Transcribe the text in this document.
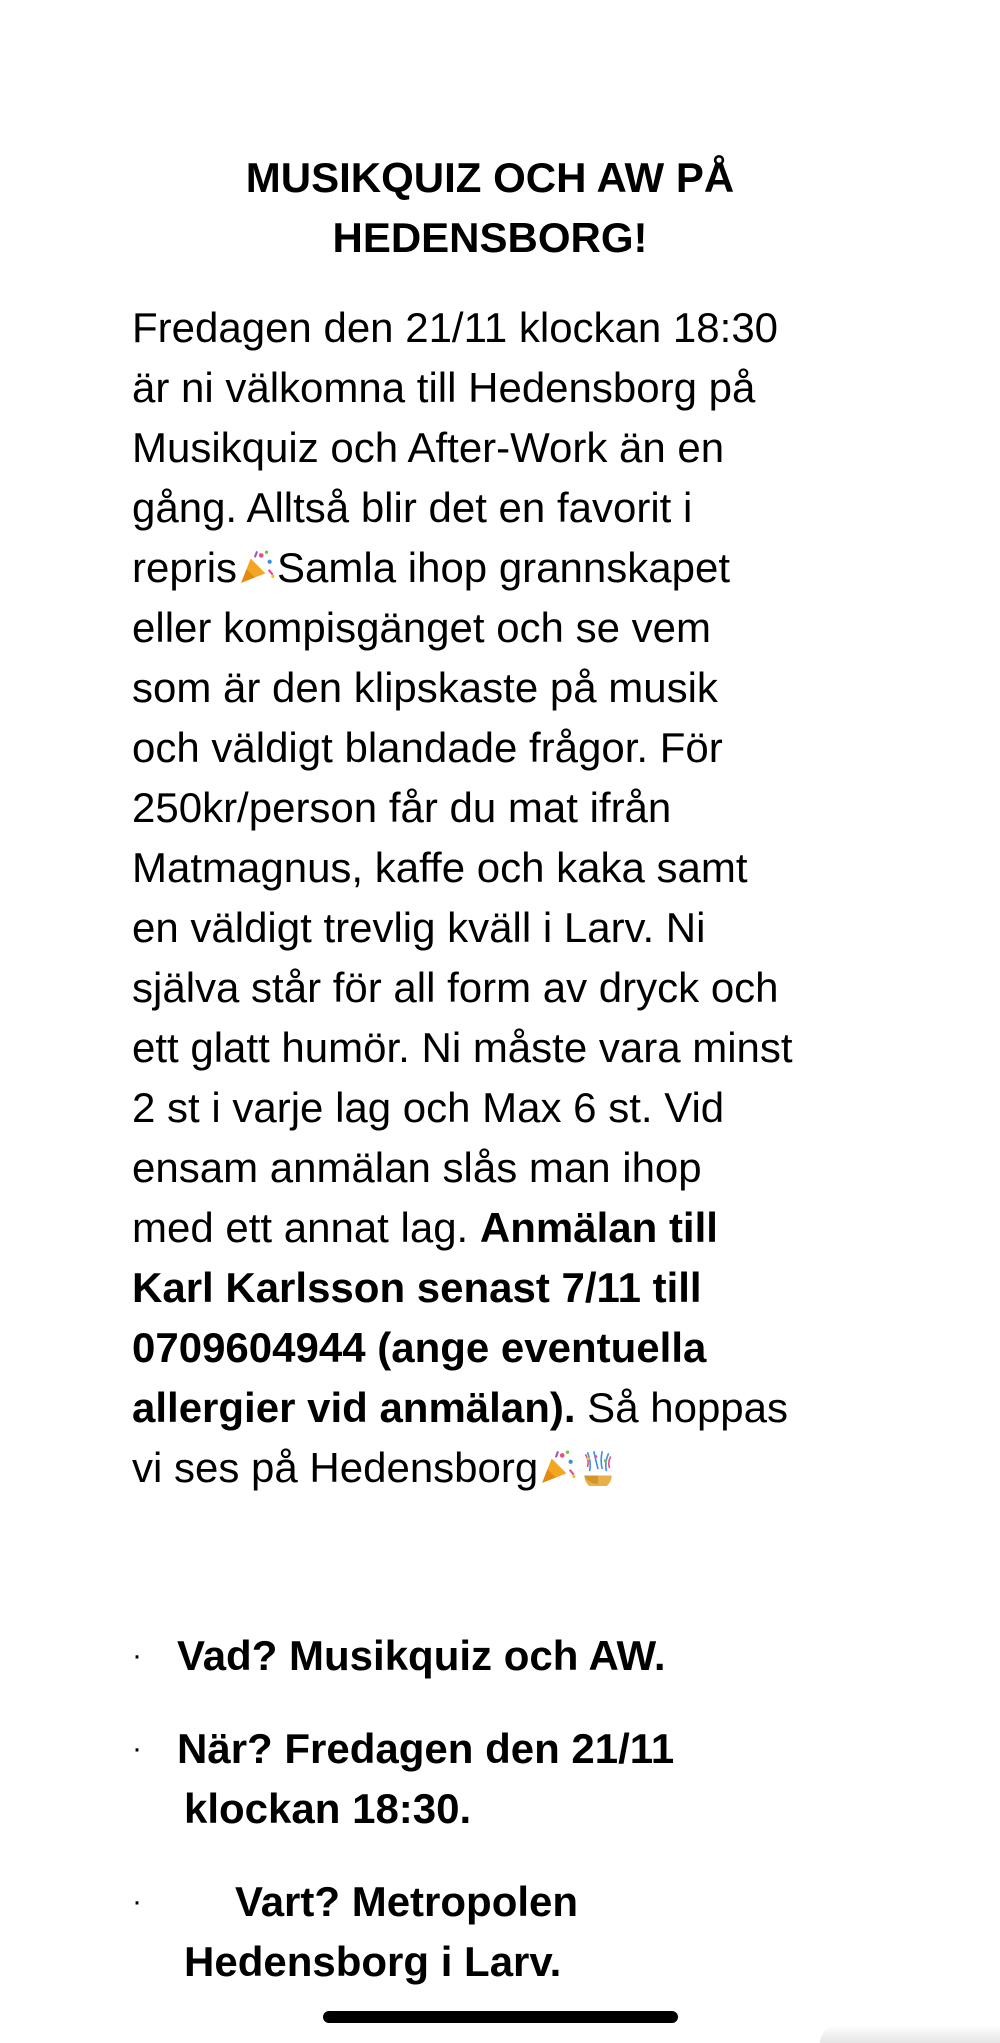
MUSIKQUIZ OCH AW PÅ
HEDENSBORG!
Fredagen den 21/11 klockan 18:30
är ni välkomna till Hedensborg på
Musikquiz och After-Work än en
gång. Alltså blir det en favorit i
repris Samla ihop grannskapet
eller kompisgänget och se vem
som är den klipskaste på musik
och väldigt blandade frågor. För
250kr/person får du mat ifrån
Matmagnus, kaffe och kaka samt
en väldigt trevlig kväll i Larv. Ni
själva står för all form av dryck och
ett glatt humör. Ni måste vara minst
2 st i varje lag och Max 6 st. Vid
ensam anmälan slås man ihop
med ett annat lag. Anmälan till
Karl Karlsson senast 7/11 till
0709604944 (ange eventuella
allergier vid anmälan). Så hoppas
vi ses på Hedensborg
· Vad? Musikquiz och AW.
· När? Fredagen den 21/11
klockan 18:30.
·	Vart? Metropolen
Hedensborg i Larv.
